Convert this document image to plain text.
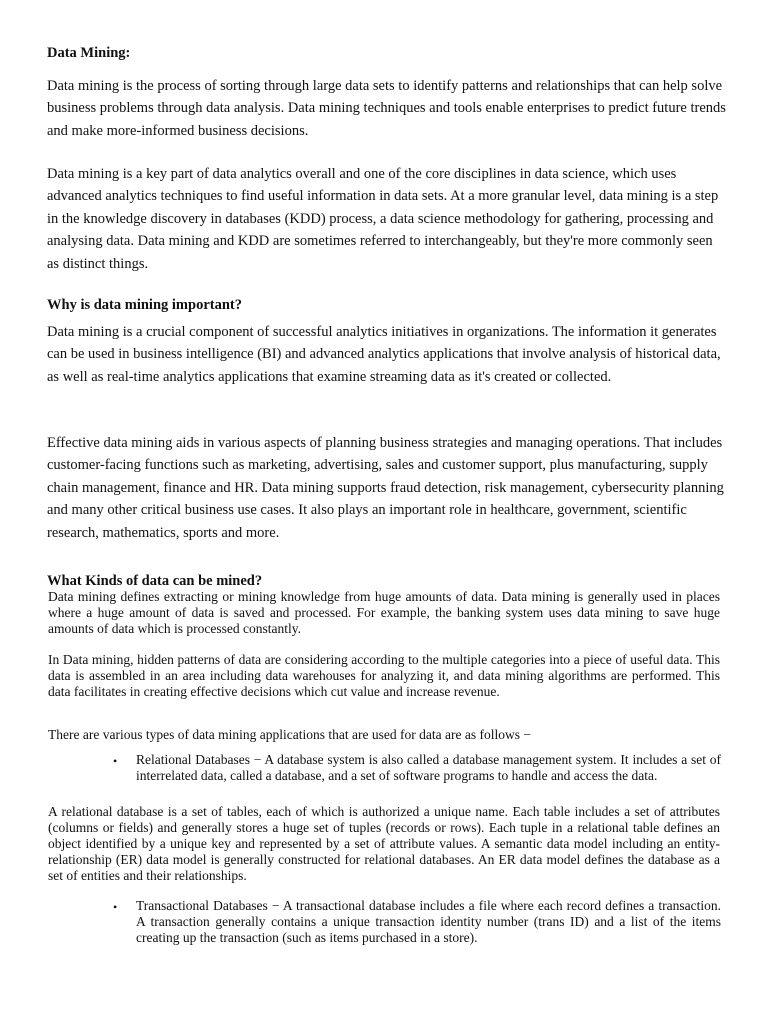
Data Mining:

Data mining is the process of sorting through large data sets to identify patterns and relationships that can help solve business problems through data analysis. Data mining techniques and tools enable enterprises to predict future trends and make more-informed business decisions.

Data mining is a key part of data analytics overall and one of the core disciplines in data science, which uses advanced analytics techniques to find useful information in data sets. At a more granular level, data mining is a step in the knowledge discovery in databases (KDD) process, a data science methodology for gathering, processing and analysing data. Data mining and KDD are sometimes referred to interchangeably, but they're more commonly seen as distinct things.

Why is data mining important?

Data mining is a crucial component of successful analytics initiatives in organizations. The information it generates can be used in business intelligence (BI) and advanced analytics applications that involve analysis of historical data, as well as real-time analytics applications that examine streaming data as it's created or collected.

Effective data mining aids in various aspects of planning business strategies and managing operations. That includes customer-facing functions such as marketing, advertising, sales and customer support, plus manufacturing, supply chain management, finance and HR. Data mining supports fraud detection, risk management, cybersecurity planning and many other critical business use cases. It also plays an important role in healthcare, government, scientific research, mathematics, sports and more.

What Kinds of data can be mined?

Data mining defines extracting or mining knowledge from huge amounts of data. Data mining is generally used in places where a huge amount of data is saved and processed. For example, the banking system uses data mining to save huge amounts of data which is processed constantly.

In Data mining, hidden patterns of data are considering according to the multiple categories into a piece of useful data. This data is assembled in an area including data warehouses for analyzing it, and data mining algorithms are performed. This data facilitates in creating effective decisions which cut value and increase revenue.

There are various types of data mining applications that are used for data are as follows −

• Relational Databases − A database system is also called a database management system. It includes a set of interrelated data, called a database, and a set of software programs to handle and access the data.

A relational database is a set of tables, each of which is authorized a unique name. Each table includes a set of attributes (columns or fields) and generally stores a huge set of tuples (records or rows). Each tuple in a relational table defines an object identified by a unique key and represented by a set of attribute values. A semantic data model including an entity-relationship (ER) data model is generally constructed for relational databases. An ER data model defines the database as a set of entities and their relationships.

• Transactional Databases − A transactional database includes a file where each record defines a transaction. A transaction generally contains a unique transaction identity number (trans ID) and a list of the items creating up the transaction (such as items purchased in a store).
